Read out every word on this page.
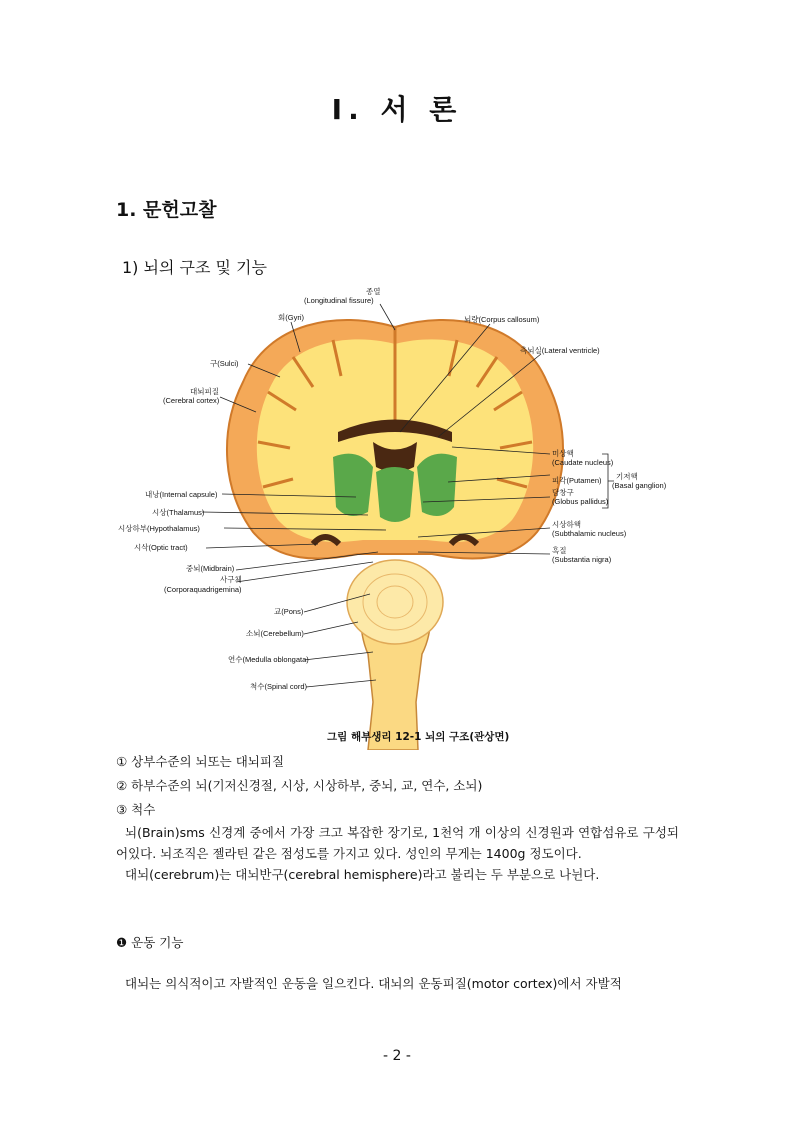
I. 서 론
1. 문헌고찰
1) 뇌의 구조 및 기능
종열
(Longitudinal fissure)
회(Gyri)
구(Sulci)
대뇌피질
(Cerebral cortex)
뇌량(Corpus callosum)
측뇌실(Lateral ventricle)
미상핵
(Caudate nucleus)
피각(Putamen)
담창구
(Globus pallidus)
기저핵
(Basal ganglion)
내낭(Internal capsule)
시상(Thalamus)
시상하부(Hypothalamus)
시삭(Optic tract)
중뇌(Midbrain)
사구체
(Corporaquadrigemina)
시상하핵
(Subthalamic nucleus)
흑질
(Substantia nigra)
교(Pons)
소뇌(Cerebellum)
연수(Medulla oblongata)
척수(Spinal cord)
그림 해부생리 12-1 뇌의 구조(관상면)
① 상부수준의 뇌또는 대뇌피질
② 하부수준의 뇌(기저신경절, 시상, 시상하부, 중뇌, 교, 연수, 소뇌)
③ 척수

뇌(Brain)sms 신경계 중에서 가장 크고 복잡한 장기로, 1천억 개 이상의 신경원과 연합섬유로 구성되어있다. 뇌조직은 젤라틴 같은 점성도를 가지고 있다. 성인의 무게는 1400g 정도이다.

대뇌(cerebrum)는 대뇌반구(cerebral hemisphere)라고 불리는 두 부분으로 나뉜다.

❶ 운동 기능

대뇌는 의식적이고 자발적인 운동을 일으킨다. 대뇌의 운동피질(motor cortex)에서 자발적

- 2 -
